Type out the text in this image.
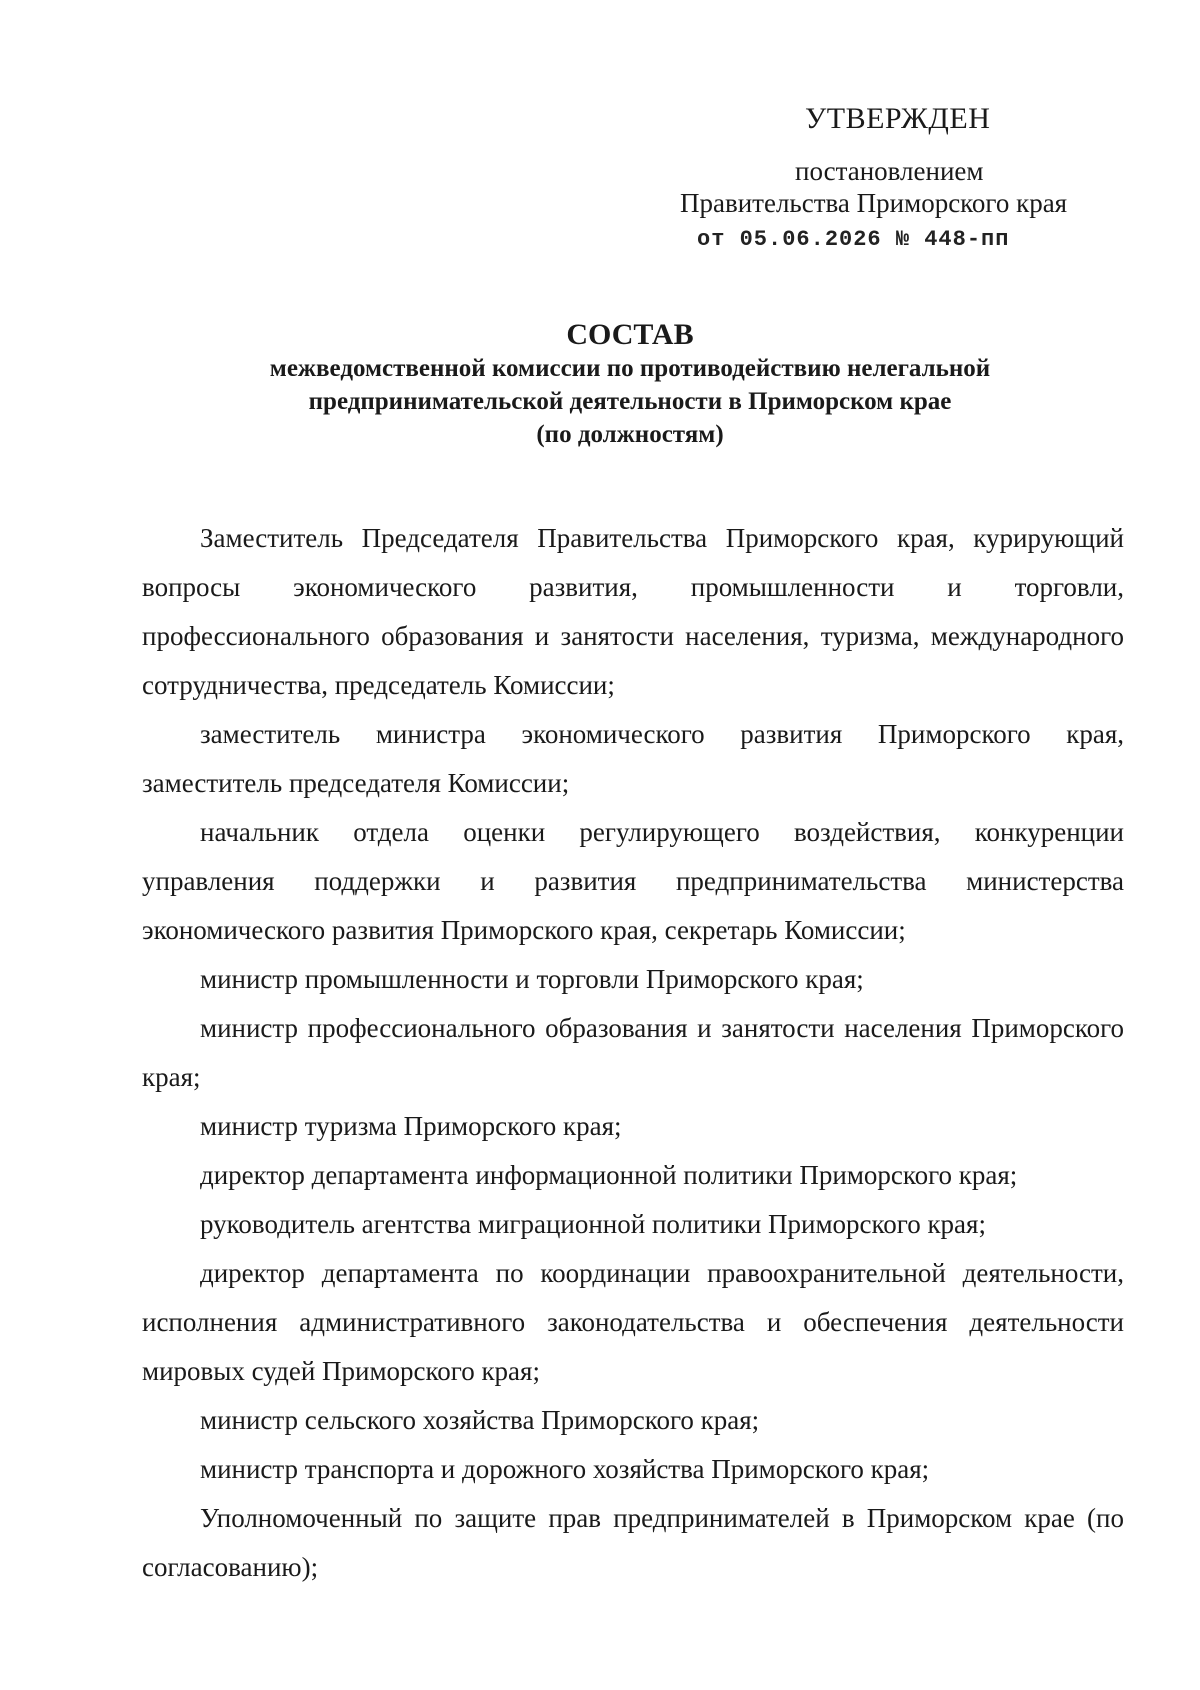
УТВЕРЖДЕН
постановлением
Правительства Приморского края
от 05.06.2026 № 448-пп
СОСТАВ
межведомственной комиссии по противодействию нелегальной
предпринимательской деятельности в Приморском крае
(по должностям)

Заместитель Председателя Правительства Приморского края, курирующий вопросы экономического развития, промышленности и торговли, профессионального образования и занятости населения, туризма, международного сотрудничества, председатель Комиссии;

заместитель министра экономического развития Приморского края, заместитель председателя Комиссии;

начальник отдела оценки регулирующего воздействия, конкуренции управления поддержки и развития предпринимательства министерства экономического развития Приморского края, секретарь Комиссии;

министр промышленности и торговли Приморского края;

министр профессионального образования и занятости населения Приморского края;

министр туризма Приморского края;

директор департамента информационной политики Приморского края;

руководитель агентства миграционной политики Приморского края;

директор департамента по координации правоохранительной деятельности, исполнения административного законодательства и обеспечения деятельности мировых судей Приморского края;

министр сельского хозяйства Приморского края;

министр транспорта и дорожного хозяйства Приморского края;

Уполномоченный по защите прав предпринимателей в Приморском крае (по согласованию);
